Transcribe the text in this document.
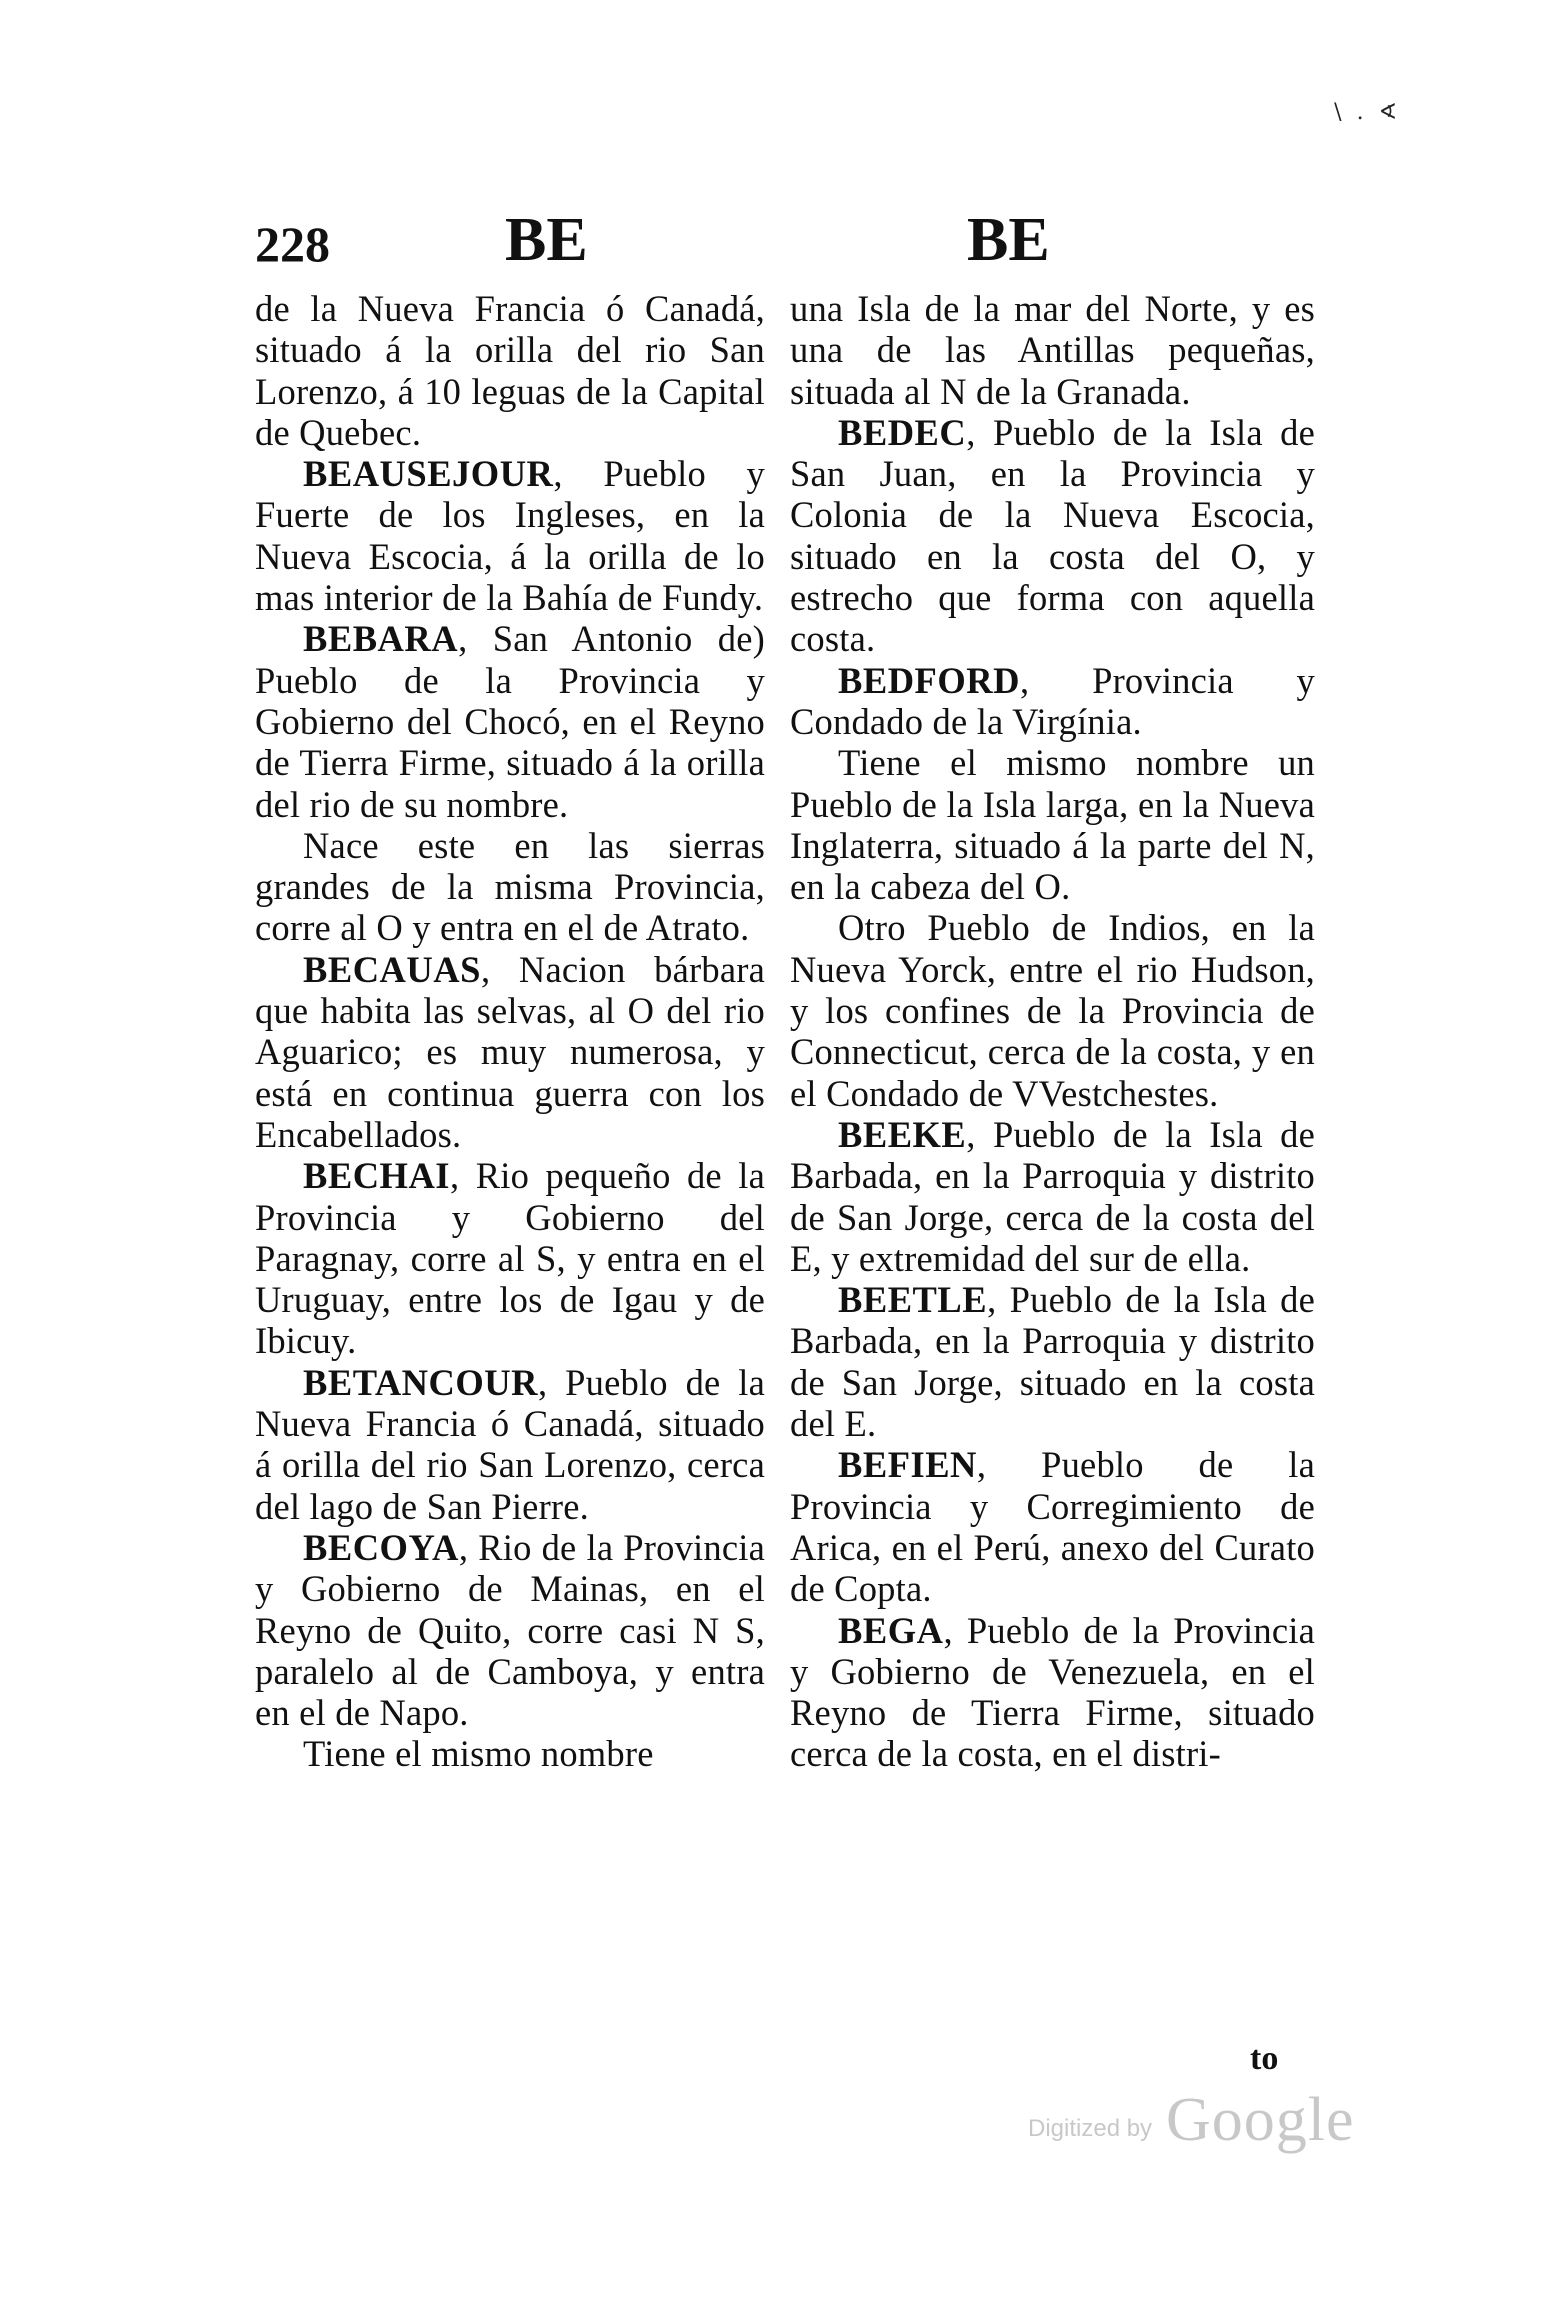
\ . ∢
228	BE	BE

de la Nueva Francia ó Canadá, situado á la orilla del rio San Lorenzo, á 10 leguas de la Capital de Quebec.

BEAUSEJOUR, Pueblo y Fuerte de los Ingleses, en la Nueva Escocia, á la orilla de lo mas interior de la Bahía de Fundy.

BEBARA, San Antonio de) Pueblo de la Provincia y Gobierno del Chocó, en el Reyno de Tierra Firme, situado á la orilla del rio de su nombre.

Nace este en las sierras grandes de la misma Provincia, corre al O y entra en el de Atrato.

BECAUAS, Nacion bárbara que habita las selvas, al O del rio Aguarico; es muy numerosa, y está en continua guerra con los Encabellados.

BECHAI, Rio pequeño de la Provincia y Gobierno del Paragnay, corre al S, y entra en el Uruguay, entre los de Igau y de Ibicuy.

BETANCOUR, Pueblo de la Nueva Francia ó Canadá, situado á orilla del rio San Lorenzo, cerca del lago de San Pierre.

BECOYA, Rio de la Provincia y Gobierno de Mainas, en el Reyno de Quito, corre casi N S, paralelo al de Camboya, y entra en el de Napo.

Tiene el mismo nombre

una Isla de la mar del Norte, y es una de las Antillas pequeñas, situada al N de la Granada.

BEDEC, Pueblo de la Isla de San Juan, en la Provincia y Colonia de la Nueva Escocia, situado en la costa del O, y estrecho que forma con aquella costa.

BEDFORD, Provincia y Condado de la Virgínia.

Tiene el mismo nombre un Pueblo de la Isla larga, en la Nueva Inglaterra, situado á la parte del N, en la cabeza del O.

Otro Pueblo de Indios, en la Nueva Yorck, entre el rio Hudson, y los confines de la Provincia de Connecticut, cerca de la costa, y en el Condado de VVestchestes.

BEEKE, Pueblo de la Isla de Barbada, en la Parroquia y distrito de San Jorge, cerca de la costa del E, y extremidad del sur de ella.

BEETLE, Pueblo de la Isla de Barbada, en la Parroquia y distrito de San Jorge, situado en la costa del E.

BEFIEN, Pueblo de la Provincia y Corregimiento de Arica, en el Perú, anexo del Curato de Copta.

BEGA, Pueblo de la Provincia y Gobierno de Venezuela, en el Reyno de Tierra Firme, situado cerca de la costa, en el distri-

to
Digitized by Google
